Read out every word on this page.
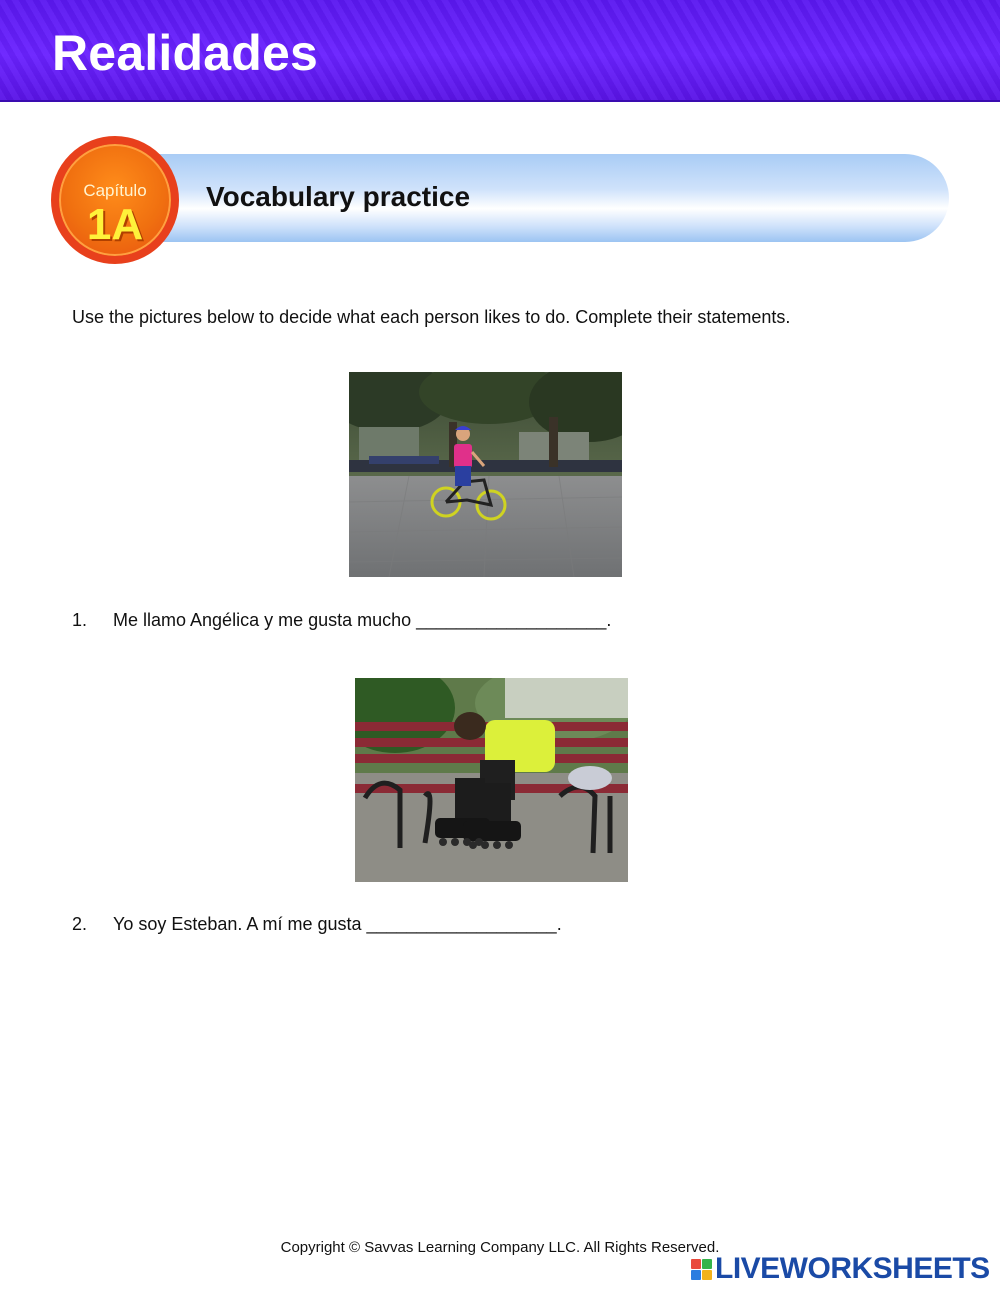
Realidades
Vocabulary practice
Capítulo
1A

Use the pictures below to decide what each person likes to do. Complete their statements.

1. Me llamo Angélica y me gusta mucho ___________________.

2. Yo soy Esteban. A mí me gusta ___________________.

Copyright © Savvas Learning Company LLC. All Rights Reserved.

LIVEWORKSHEETS
